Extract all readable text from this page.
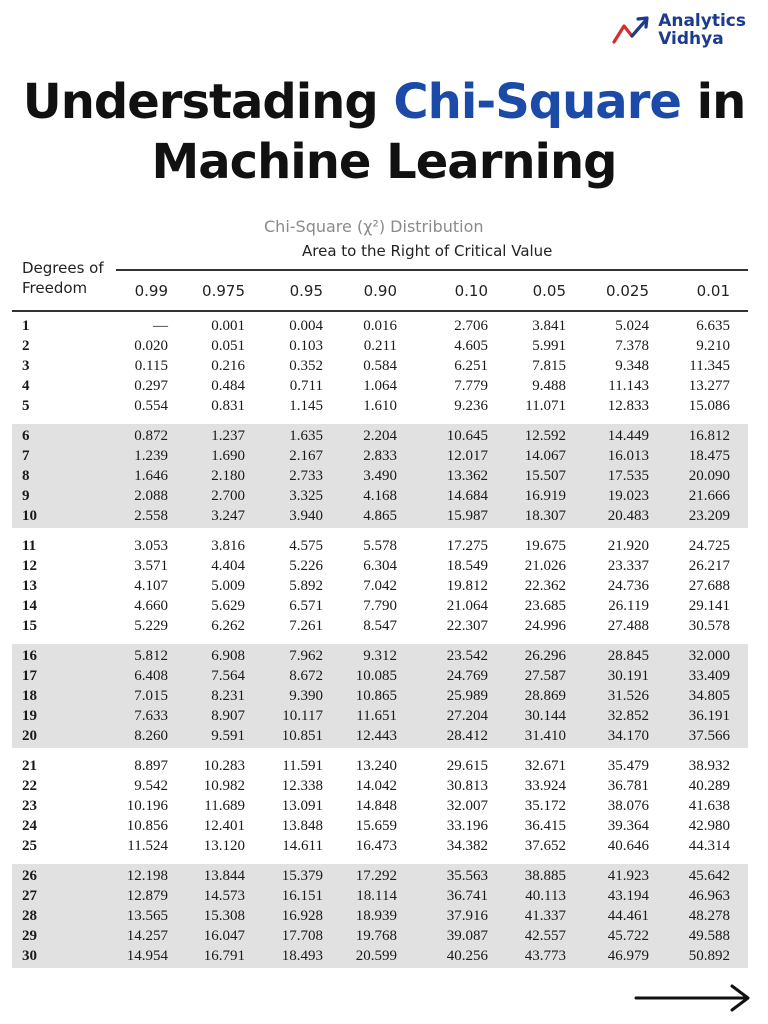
Analytics
Vidhya
Understading Chi-Square in
Machine Learning
Chi-Square (χ²) Distribution
Area to the Right of Critical Value
Degrees of
Freedom	0.99	0.975	0.95	0.90	0.10	0.05	0.025	0.01
1	—	0.001	0.004	0.016	2.706	3.841	5.024	6.635
2	0.020	0.051	0.103	0.211	4.605	5.991	7.378	9.210
3	0.115	0.216	0.352	0.584	6.251	7.815	9.348	11.345
4	0.297	0.484	0.711	1.064	7.779	9.488	11.143	13.277
5	0.554	0.831	1.145	1.610	9.236	11.071	12.833	15.086
6	0.872	1.237	1.635	2.204	10.645	12.592	14.449	16.812
7	1.239	1.690	2.167	2.833	12.017	14.067	16.013	18.475
8	1.646	2.180	2.733	3.490	13.362	15.507	17.535	20.090
9	2.088	2.700	3.325	4.168	14.684	16.919	19.023	21.666
10	2.558	3.247	3.940	4.865	15.987	18.307	20.483	23.209
11	3.053	3.816	4.575	5.578	17.275	19.675	21.920	24.725
12	3.571	4.404	5.226	6.304	18.549	21.026	23.337	26.217
13	4.107	5.009	5.892	7.042	19.812	22.362	24.736	27.688
14	4.660	5.629	6.571	7.790	21.064	23.685	26.119	29.141
15	5.229	6.262	7.261	8.547	22.307	24.996	27.488	30.578
16	5.812	6.908	7.962	9.312	23.542	26.296	28.845	32.000
17	6.408	7.564	8.672	10.085	24.769	27.587	30.191	33.409
18	7.015	8.231	9.390	10.865	25.989	28.869	31.526	34.805
19	7.633	8.907	10.117	11.651	27.204	30.144	32.852	36.191
20	8.260	9.591	10.851	12.443	28.412	31.410	34.170	37.566
21	8.897	10.283	11.591	13.240	29.615	32.671	35.479	38.932
22	9.542	10.982	12.338	14.042	30.813	33.924	36.781	40.289
23	10.196	11.689	13.091	14.848	32.007	35.172	38.076	41.638
24	10.856	12.401	13.848	15.659	33.196	36.415	39.364	42.980
25	11.524	13.120	14.611	16.473	34.382	37.652	40.646	44.314
26	12.198	13.844	15.379	17.292	35.563	38.885	41.923	45.642
27	12.879	14.573	16.151	18.114	36.741	40.113	43.194	46.963
28	13.565	15.308	16.928	18.939	37.916	41.337	44.461	48.278
29	14.257	16.047	17.708	19.768	39.087	42.557	45.722	49.588
30	14.954	16.791	18.493	20.599	40.256	43.773	46.979	50.892
